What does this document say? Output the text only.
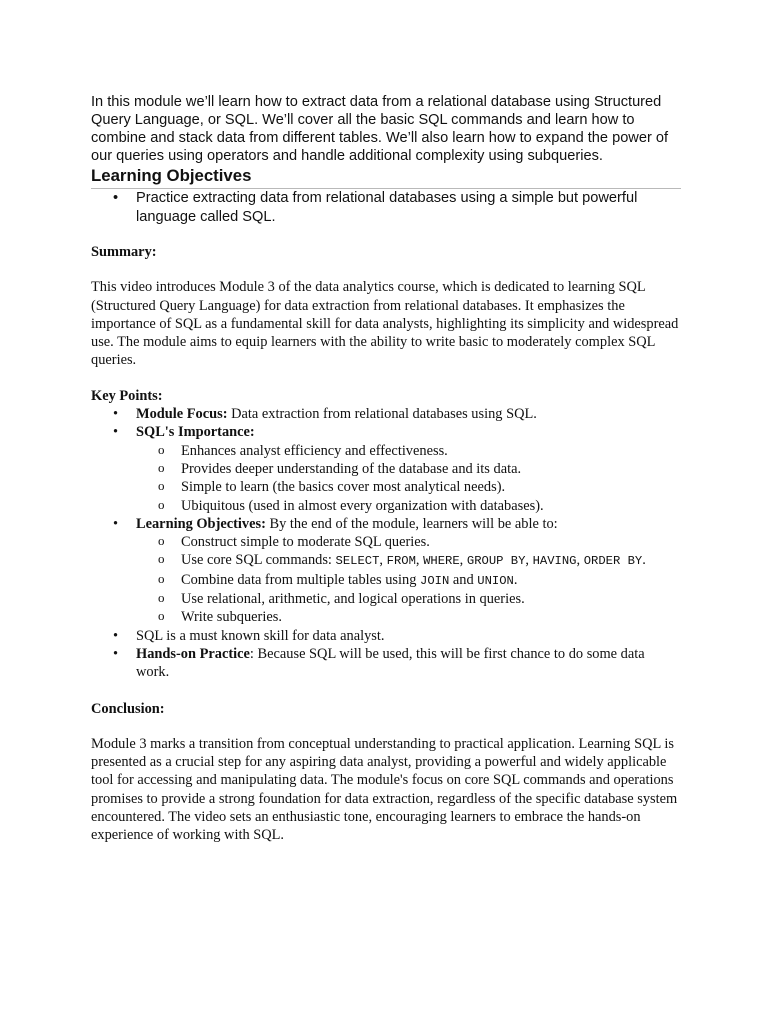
In this module we’ll learn how to extract data from a relational database using Structured Query Language, or SQL. We’ll cover all the basic SQL commands and learn how to combine and stack data from different tables. We’ll also learn how to expand the power of our queries using operators and handle additional complexity using subqueries.

Learning Objectives
• Practice extracting data from relational databases using a simple but powerful language called SQL.

Summary:

This video introduces Module 3 of the data analytics course, which is dedicated to learning SQL (Structured Query Language) for data extraction from relational databases. It emphasizes the importance of SQL as a fundamental skill for data analysts, highlighting its simplicity and widespread use. The module aims to equip learners with the ability to write basic to moderately complex SQL queries.

Key Points:

• Module Focus: Data extraction from relational databases using SQL.
• SQL's Importance:
o Enhances analyst efficiency and effectiveness.
o Provides deeper understanding of the database and its data.
o Simple to learn (the basics cover most analytical needs).
o Ubiquitous (used in almost every organization with databases).
• Learning Objectives: By the end of the module, learners will be able to:
o Construct simple to moderate SQL queries.
o Use core SQL commands: SELECT, FROM, WHERE, GROUP BY, HAVING, ORDER BY.
o Combine data from multiple tables using JOIN and UNION.
o Use relational, arithmetic, and logical operations in queries.
o Write subqueries.
• SQL is a must known skill for data analyst.
• Hands-on Practice: Because SQL will be used, this will be first chance to do some data work.

Conclusion:

Module 3 marks a transition from conceptual understanding to practical application. Learning SQL is presented as a crucial step for any aspiring data analyst, providing a powerful and widely applicable tool for accessing and manipulating data. The module's focus on core SQL commands and operations promises to provide a strong foundation for data extraction, regardless of the specific database system encountered. The video sets an enthusiastic tone, encouraging learners to embrace the hands-on experience of working with SQL.
